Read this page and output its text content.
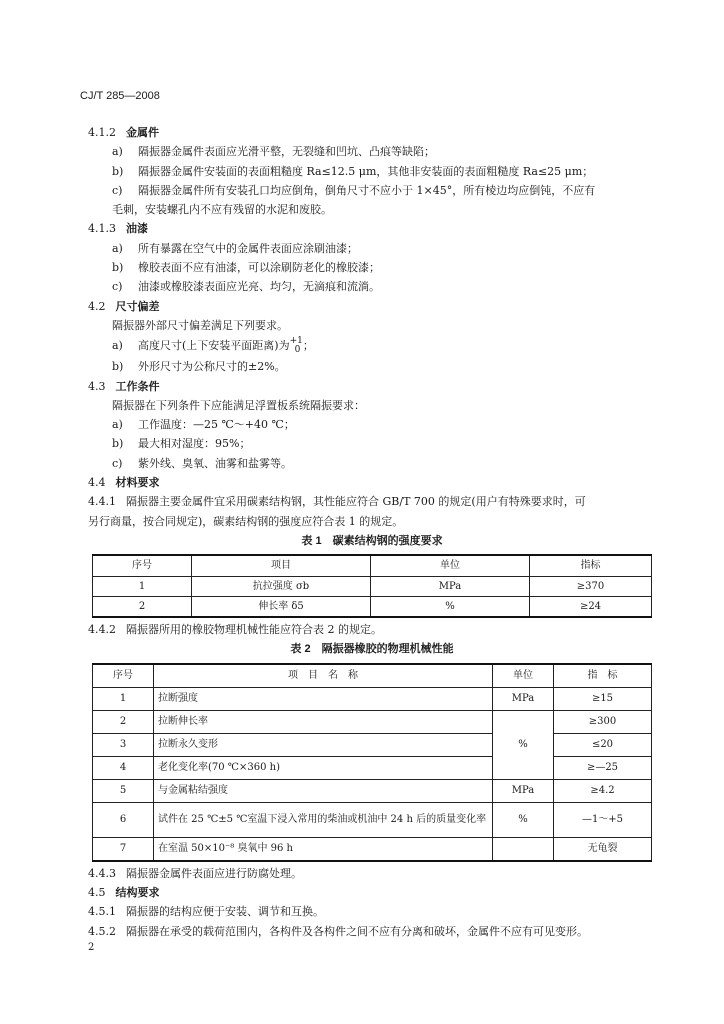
CJ/T 285—2008
4.1.2 金属件
a) 隔振器金属件表面应光滑平整，无裂缝和凹坑、凸痕等缺陷；
b) 隔振器金属件安装面的表面粗糙度 Ra≤12.5 μm，其他非安装面的表面粗糙度 Ra≤25 μm；
c) 隔振器金属件所有安装孔口均应倒角，倒角尺寸不应小于 1×45°，所有棱边均应倒钝，不应有
毛刺，安装螺孔内不应有残留的水泥和废胶。
4.1.3 油漆
a) 所有暴露在空气中的金属件表面应涂刷油漆；
b) 橡胶表面不应有油漆，可以涂刷防老化的橡胶漆；
c) 油漆或橡胶漆表面应光亮、均匀，无滴痕和流淌。
4.2 尺寸偏差
隔振器外部尺寸偏差满足下列要求。
a) 高度尺寸(上下安装平面距离)为+1
0 ；
b) 外形尺寸为公称尺寸的±2%。
4.3 工作条件
隔振器在下列条件下应能满足浮置板系统隔振要求：
a) 工作温度：—25 ℃～+40 ℃；
b) 最大相对湿度：95%；
c) 紫外线、臭氧、油雾和盐雾等。
4.4 材料要求
4.4.1 隔振器主要金属件宜采用碳素结构钢，其性能应符合 GB/T 700 的规定(用户有特殊要求时，可
另行商量，按合同规定)，碳素结构钢的强度应符合表 1 的规定。
表 1　碳素结构钢的强度要求
序号	项目	单位	指标
1	抗拉强度 σb	MPa	≥370
2	伸长率 δ5	%	≥24
4.4.2 隔振器所用的橡胶物理机械性能应符合表 2 的规定。
表 2　隔振器橡胶的物理机械性能
序号	项　目　名　称	单位	指　标
1	拉断强度	MPa	≥15
2	拉断伸长率	%	≥300
3	拉断永久变形		≤20
4	老化变化率(70 ℃×360 h)		≥—25
5	与金属粘结强度	MPa	≥4.2
6	试件在 25 ℃±5 ℃室温下浸入常用的柴油或机油中 24 h 后的质量变化率	%	—1～+5
7	在室温 50×10⁻⁸ 臭氧中 96 h		无龟裂
4.4.3 隔振器金属件表面应进行防腐处理。
4.5 结构要求
4.5.1 隔振器的结构应便于安装、调节和互换。
4.5.2 隔振器在承受的载荷范围内，各构件及各构件之间不应有分离和破坏，金属件不应有可见变形。
2
